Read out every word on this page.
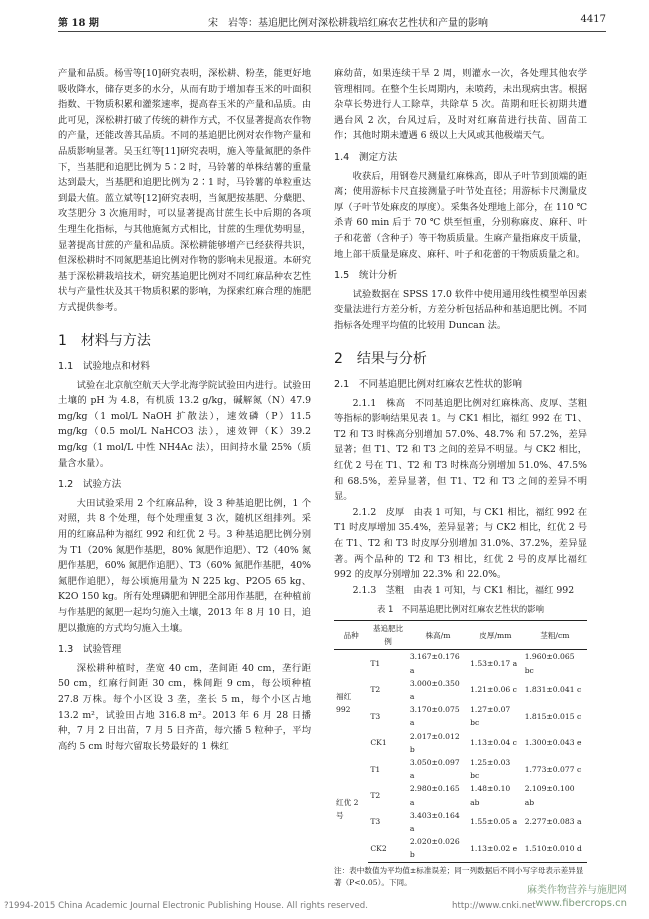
第 18 期	宋　岩等：基追肥比例对深松耕栽培红麻农艺性状和产量的影响	4417

产量和品质。杨雪等[10]研究表明，深松耕、粉垄，能更好地吸收降水，储存更多的水分，从而有助于增加春玉米的叶面积指数、干物质积累和灌浆速率，提高春玉米的产量和品质。由此可见，深松耕打破了传统的耕作方式，不仅显著提高农作物的产量，还能改善其品质。不同的基追肥比例对农作物产量和品质影响显著。吴玉红等[11]研究表明，施入等量氮肥的条件下，当基肥和追肥比例为 5∶2 时，马铃薯的单株结薯的重量达到最大，当基肥和追肥比例为 2∶1 时，马铃薯的单粒重达到最大值。蓝立斌等[12]研究表明，当氮肥按基肥、分蘖肥、攻茎肥分 3 次施用时，可以显著提高甘蔗生长中后期的各项生理生化指标，与其他施氮方式相比，甘蔗的生理优势明显，显著提高甘蔗的产量和品质。深松耕能够增产已经获得共识，但深松耕时不同氮肥基追比例对作物的影响未见报道。本研究基于深松耕栽培技术，研究基追肥比例对不同红麻品种农艺性状与产量性状及其干物质积累的影响，为探索红麻合理的施肥方式提供参考。

1　材料与方法
1.1　试验地点和材料

试验在北京航空航天大学北海学院试验田内进行。试验田土壤的 pH 为 4.8，有机质 13.2 g/kg，碱解氮（N）47.9 mg/kg（1 mol/L NaOH 扩散法），速效磷（P）11.5 mg/kg（0.5 mol/L NaHCO3 法），速效钾（K）39.2 mg/kg（1 mol/L 中性 NH4Ac 法），田间持水量 25%（质量含水量）。

1.2　试验方法

大田试验采用 2 个红麻品种，设 3 种基追肥比例，1 个对照，共 8 个处理，每个处理重复 3 次，随机区组排列。采用的红麻品种为福红 992 和红优 2 号。3 种基追肥比例分别为 T1（20% 氮肥作基肥，80% 氮肥作追肥）、T2（40% 氮肥作基肥，60% 氮肥作追肥）、T3（60% 氮肥作基肥，40% 氮肥作追肥），每公顷施用量为 N 225 kg、P2O5 65 kg、K2O 150 kg。所有处理磷肥和钾肥全部用作基肥，在种植前与作基肥的氮肥一起均匀施入土壤，2013 年 8 月 10 日，追肥以撒施的方式均匀施入土壤。

1.3　试验管理

深松耕种植时，垄宽 40 cm，垄间距 40 cm，垄行距 50 cm，红麻行间距 30 cm，株间距 9 cm，每公顷种植 27.8 万株。每个小区设 3 垄，垄长 5 m，每个小区占地 13.2 m²，试验田占地 316.8 m²。2013 年 6 月 28 日播种，7 月 2 日出苗，7 月 5 日齐苗，每穴播 5 粒种子，平均高约 5 cm 时每穴留取长势最好的 1 株红

麻幼苗，如果连续干旱 2 周，则灌水一次，各处理其他农学管理相同。在整个生长周期内，未喷药，未出现病虫害。根据杂草长势进行人工除草，共除草 5 次。苗期和旺长初期共遭遇台风 2 次，台风过后，及时对红麻苗进行扶苗、固苗工作；其他时期未遭遇 6 级以上大风或其他极端天气。

1.4　测定方法

收获后，用钢卷尺测量红麻株高，即从子叶节到顶端的距离；使用游标卡尺直接测量子叶节处直径；用游标卡尺测量皮厚（子叶节处麻皮的厚度）。采集各处理地上部分，在 110 ℃ 杀青 60 min 后于 70 ℃ 烘至恒重，分别称麻皮、麻秆、叶子和花蕾（含种子）等干物质质量。生麻产量指麻皮干质量，地上部干质量是麻皮、麻秆、叶子和花蕾的干物质质量之和。

1.5　统计分析

试验数据在 SPSS 17.0 软件中使用通用线性模型单因素变量法进行方差分析，方差分析包括品种和基追肥比例。不同指标各处理平均值的比较用 Duncan 法。

2　结果与分析
2.1　不同基追肥比例对红麻农艺性状的影响

2.1.1　株高　不同基追肥比例对红麻株高、皮厚、茎粗等指标的影响结果见表 1。与 CK1 相比，福红 992 在 T1、T2 和 T3 时株高分别增加 57.0%、48.7% 和 57.2%，差异显著；但 T1、T2 和 T3 之间的差异不明显。与 CK2 相比，红优 2 号在 T1、T2 和 T3 时株高分别增加 51.0%、47.5% 和 68.5%，差异显著，但 T1、T2 和 T3 之间的差异不明显。

2.1.2　皮厚　由表 1 可知，与 CK1 相比，福红 992 在 T1 时皮厚增加 35.4%，差异显著；与 CK2 相比，红优 2 号在 T1、T2 和 T3 时皮厚分别增加 31.0%、37.2%，差异显著。两个品种的 T2 和 T3 相比，红优 2 号的皮厚比福红 992 的皮厚分别增加 22.3% 和 22.0%。

2.1.3　茎粗　由表 1 可知，与 CK1 相比，福红 992

表 1　不同基追肥比例对红麻农艺性状的影响
品种	基追肥比例	株高/m	皮厚/mm	茎粗/cm
福红 992	T1	3.167±0.176 a	1.53±0.17 a	1.960±0.065 bc
	T2	3.000±0.350 a	1.21±0.06 c	1.831±0.041 c
	T3	3.170±0.075 a	1.27±0.07 bc	1.815±0.015 c
	CK1	2.017±0.012 b	1.13±0.04 c	1.300±0.043 e
红优 2 号	T1	3.050±0.097 a	1.25±0.03 bc	1.773±0.077 c
	T2	2.980±0.165 a	1.48±0.10 ab	2.109±0.100 ab
	T3	3.403±0.164 a	1.55±0.05 a	2.277±0.083 a
	CK2	2.020±0.026 b	1.13±0.02 e	1.510±0.010 d
注：表中数值为平均值±标准误差；同一列数据后不同小写字母表示差异显著（P<0.05）。下同。
麻类作物营养与施肥网
www.fibercrops.cn
?1994-2015 China Academic Journal Electronic Publishing House. All rights reserved.	http://www.cnki.net
